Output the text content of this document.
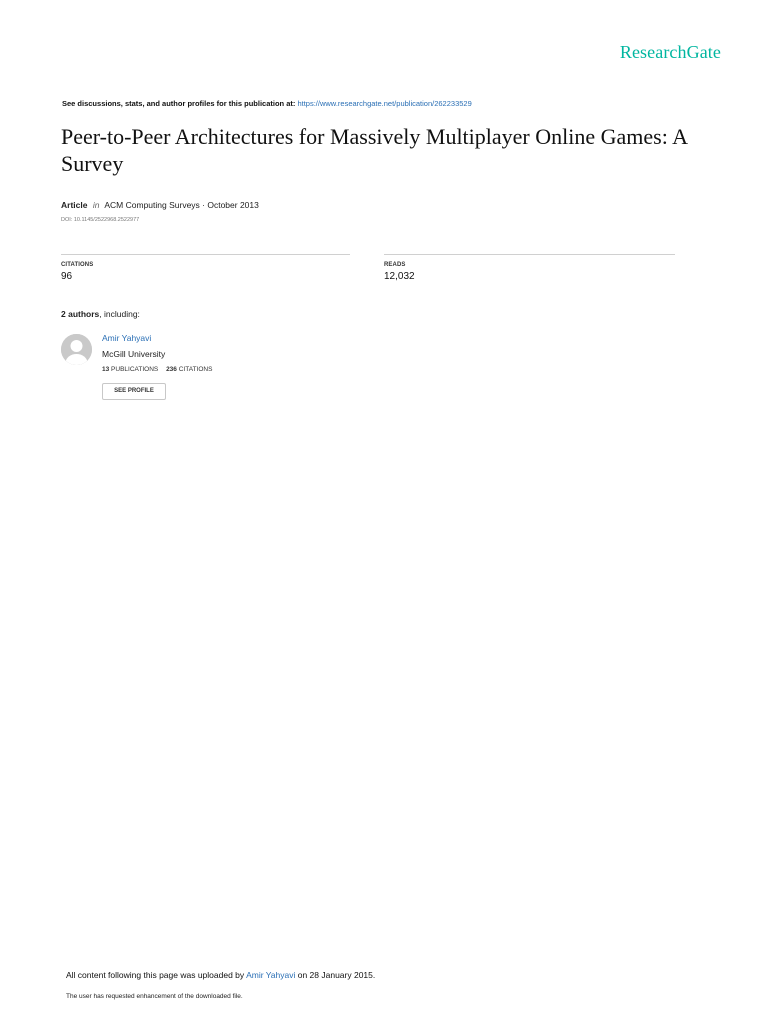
ResearchGate
See discussions, stats, and author profiles for this publication at: https://www.researchgate.net/publication/262233529
Peer-to-Peer Architectures for Massively Multiplayer Online Games: A Survey
Article in ACM Computing Surveys · October 2013
DOI: 10.1145/2522968.2522977
CITATIONS
96
READS
12,032
2 authors, including:
Amir Yahyavi
McGill University
13 PUBLICATIONS 236 CITATIONS
SEE PROFILE
All content following this page was uploaded by Amir Yahyavi on 28 January 2015.
The user has requested enhancement of the downloaded file.
